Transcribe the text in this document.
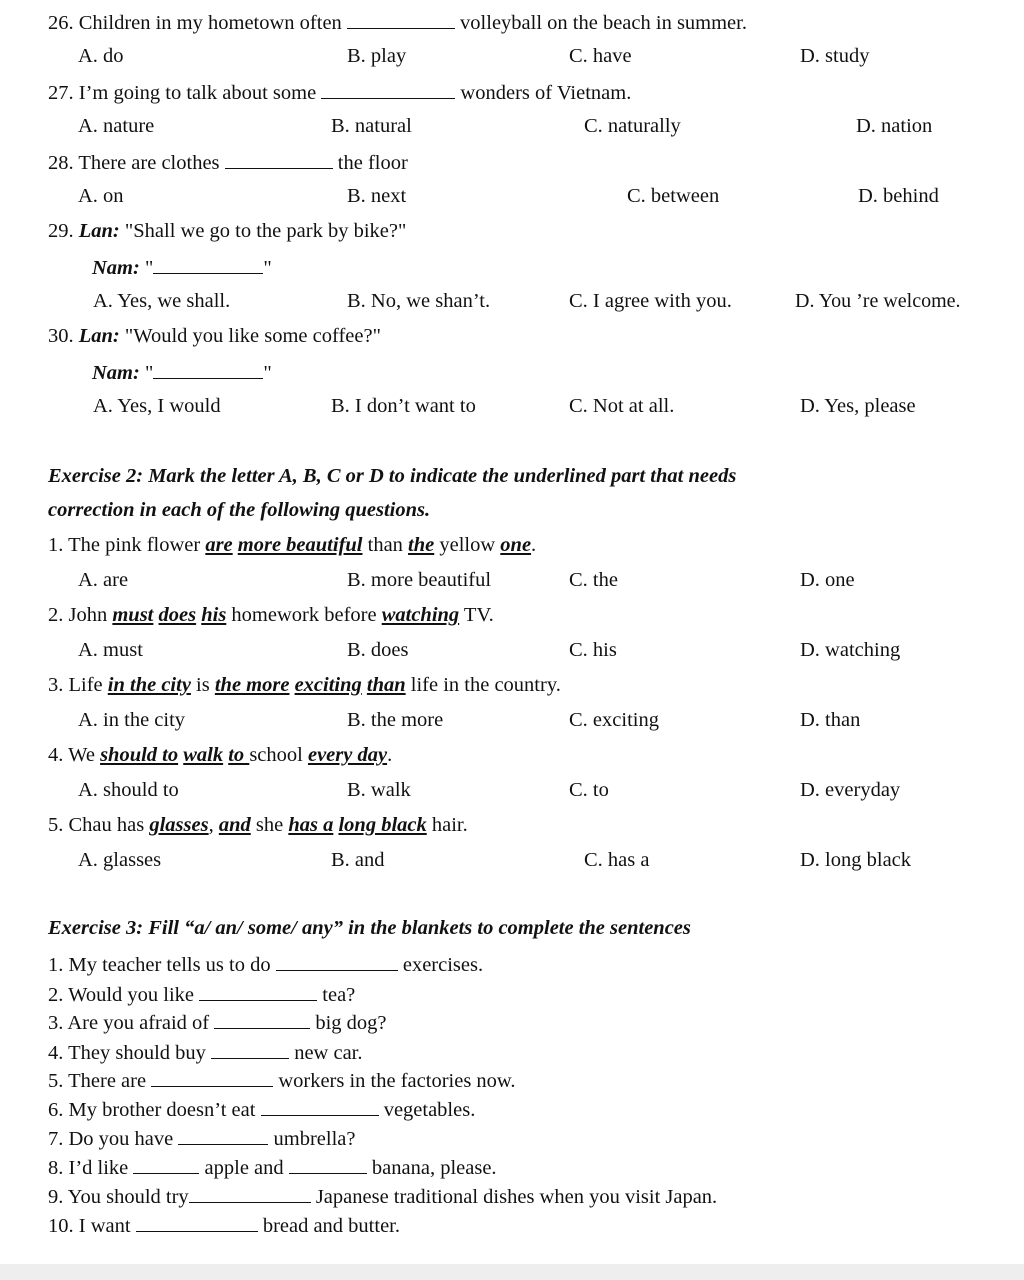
26. Children in my hometown often	volleyball on the beach in summer.
A. do	B. play	C. have	D. study
27. I’m going to talk about some	wonders of Vietnam.
A. nature	B. natural	C. naturally	D. nation
28. There are clothes	the floor
A. on	B. next	C. between	D. behind
29. Lan: "Shall we go to the park by bike?"
Nam: "	"
A. Yes, we shall.	B. No, we shan’t.	C. I agree with you.	D. You ’re welcome.
30. Lan: "Would you like some coffee?"
Nam: "	"
A. Yes, I would	B. I don’t want to	C. Not at all.	D. Yes, please
Exercise 2: Mark the letter A, B, C or D to indicate the underlined part that needs
correction in each of the following questions.
1. The pink flower are more beautiful than the yellow one.
A. are	B. more beautiful	C. the	D. one
2. John must does his homework before watching TV.
A. must	B. does	C. his	D. watching
3. Life in the city is the more exciting than life in the country.
A. in the city	B. the more	C. exciting	D. than
4. We should to walk to school every day.
A. should to	B. walk	C. to	D. everyday
5. Chau has glasses, and she has a long black hair.
A. glasses	B. and	C. has a	D. long black
Exercise 3: Fill “a/ an/ some/ any” in the blankets to complete the sentences
1. My teacher tells us to do	exercises.
2. Would you like	tea?
3. Are you afraid of	big dog?
4. They should buy	new car.
5. There are	workers in the factories now.
6. My brother doesn’t eat	vegetables.
7. Do you have	umbrella?
8. I’d like	apple and	banana, please.
9. You should try	Japanese traditional dishes when you visit Japan.
10. I want	bread and butter.
